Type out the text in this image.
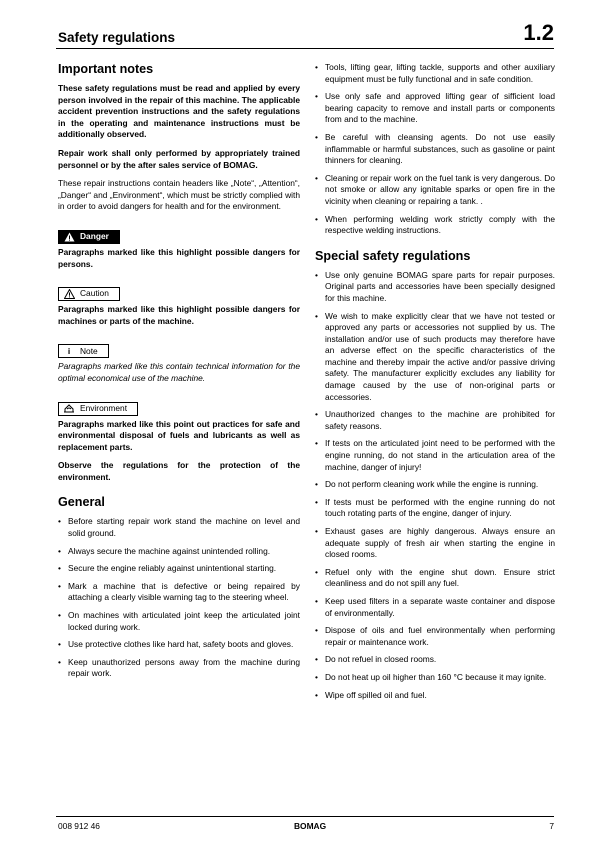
Safety regulations	1.2
Important notes

These safety regulations must be read and applied by every person involved in the repair of this machine. The applicable accident prevention instructions and the safety regulations in the operating and maintenance instructions must be additionally observed.

Repair work shall only performed by appropriately trained personnel or by the after sales service of BOMAG.

These repair instructions contain headers like „Note“, „Attention“, „Danger“ and „Environment“, which must be strictly complied with in order to avoid dangers for health and for the environment.

Danger

Paragraphs marked like this highlight possible dangers for persons.

Caution

Paragraphs marked like this highlight possible dangers for machines or parts of the machine.

i	Note

Paragraphs marked like this contain technical information for the optimal economical use of the machine.

Environment

Paragraphs marked like this point out practices for safe and environmental disposal of fuels and lubricants as well as replacement parts.

Observe the regulations for the protection of the environment.

General
• Before starting repair work stand the machine on level and solid ground.
• Always secure the machine against unintended rolling.
• Secure the engine reliably against unintentional starting.
• Mark a machine that is defective or being repaired by attaching a clearly visible warning tag to the steering wheel.
• On machines with articulated joint keep the articulated joint locked during work.
• Use protective clothes like hard hat, safety boots and gloves.
• Keep unauthorized persons away from the machine during repair work.
• Tools, lifting gear, lifting tackle, supports and other auxiliary equipment must be fully functional and in safe condition.
• Use only safe and approved lifting gear of sifficient load bearing capacity to remove and install parts or components from and to the machine.
• Be careful with cleansing agents. Do not use easily inflammable or harmful substances, such as gasoline or paint thinners for cleaning.
• Cleaning or repair work on the fuel tank is very dangerous. Do not smoke or allow any ignitable sparks or open fire in the vicinity when cleaning or repairing a tank. .
• When performing welding work strictly comply with the respective welding instructions.
Special safety regulations
• Use only genuine BOMAG spare parts for repair purposes. Original parts and accessories have been specially designed for this machine.
• We wish to make explicitly clear that we have not tested or approved any parts or accessories not supplied by us. The installation and/or use of such products may therefore have an adverse effect on the specific characteristics of the machine and thereby impair the active and/or passive driving safety. The manufacturer explicitly excludes any liability for damage caused by the use of non-original parts or accessories.
• Unauthorized changes to the machine are prohibited for safety reasons.
• If tests on the articulated joint need to be performed with the engine running, do not stand in the articulation area of the machine, danger of injury!
• Do not perform cleaning work while the engine is running.
• If tests must be performed with the engine running do not touch rotating parts of the engine, danger of injury.
• Exhaust gases are highly dangerous. Always ensure an adequate supply of fresh air when starting the engine in closed rooms.
• Refuel only with the engine shut down. Ensure strict cleanliness and do not spill any fuel.
• Keep used filters in a separate waste container and dispose of environmentally.
• Dispose of oils and fuel environmentally when performing repair or maintenance work.
• Do not refuel in closed rooms.
• Do not heat up oil higher than 160 °C because it may ignite.
• Wipe off spilled oil and fuel.
008 912 46	BOMAG	7
